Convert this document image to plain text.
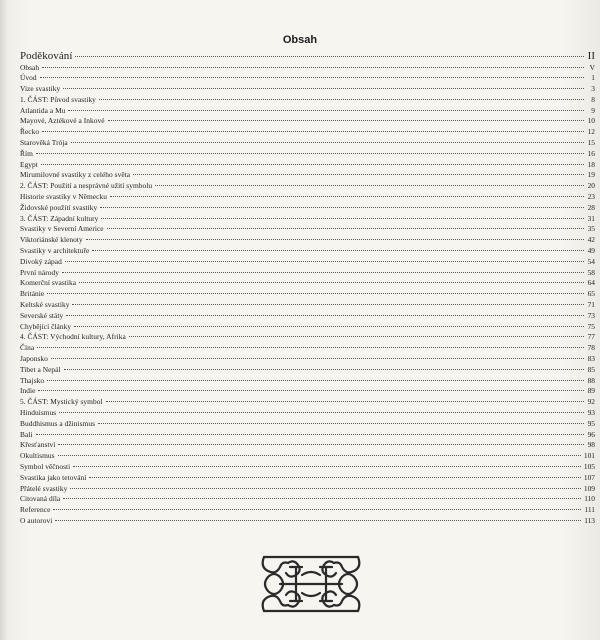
Obsah
Poděkování	II
Obsah	V
Úvod	1
Vize svastiky	3
1. ČÁST: Původ svastiky	8
Atlantida a Mu	9
Mayové, Aztékové a Inkové	10
Řecko	12
Starověká Trója	15
Řím	16
Egypt	18
Mirumilovné svastiky z celého světa	19
2. ČÁST: Použití a nesprávné užití symbolu	20
Historie svastiky v Německu	23
Židovské použití svastiky	28
3. ČÁST: Západní kultury	31
Svastiky v Severní Americe	35
Viktoriánské klenoty	42
Svastiky v architektuře	49
Divoký západ	54
První národy	58
Komerční svastika	64
Británie	65
Keltské svastiky	71
Severské státy	73
Chybějící články	75
4. ČÁST: Východní kultury, Afrika	77
Čína	78
Japonsko	83
Tibet a Nepál	85
Thajsko	88
Indie	89
5. ČÁST: Mystický symbol	92
Hinduismus	93
Buddhismus a džinismus	95
Bali	96
Křesťanství	98
Okultismus	101
Symbol věčnosti	105
Svastika jako tetování	107
Přátelé svastiky	109
Citovaná díla	110
Reference	111
O autorovi	113
